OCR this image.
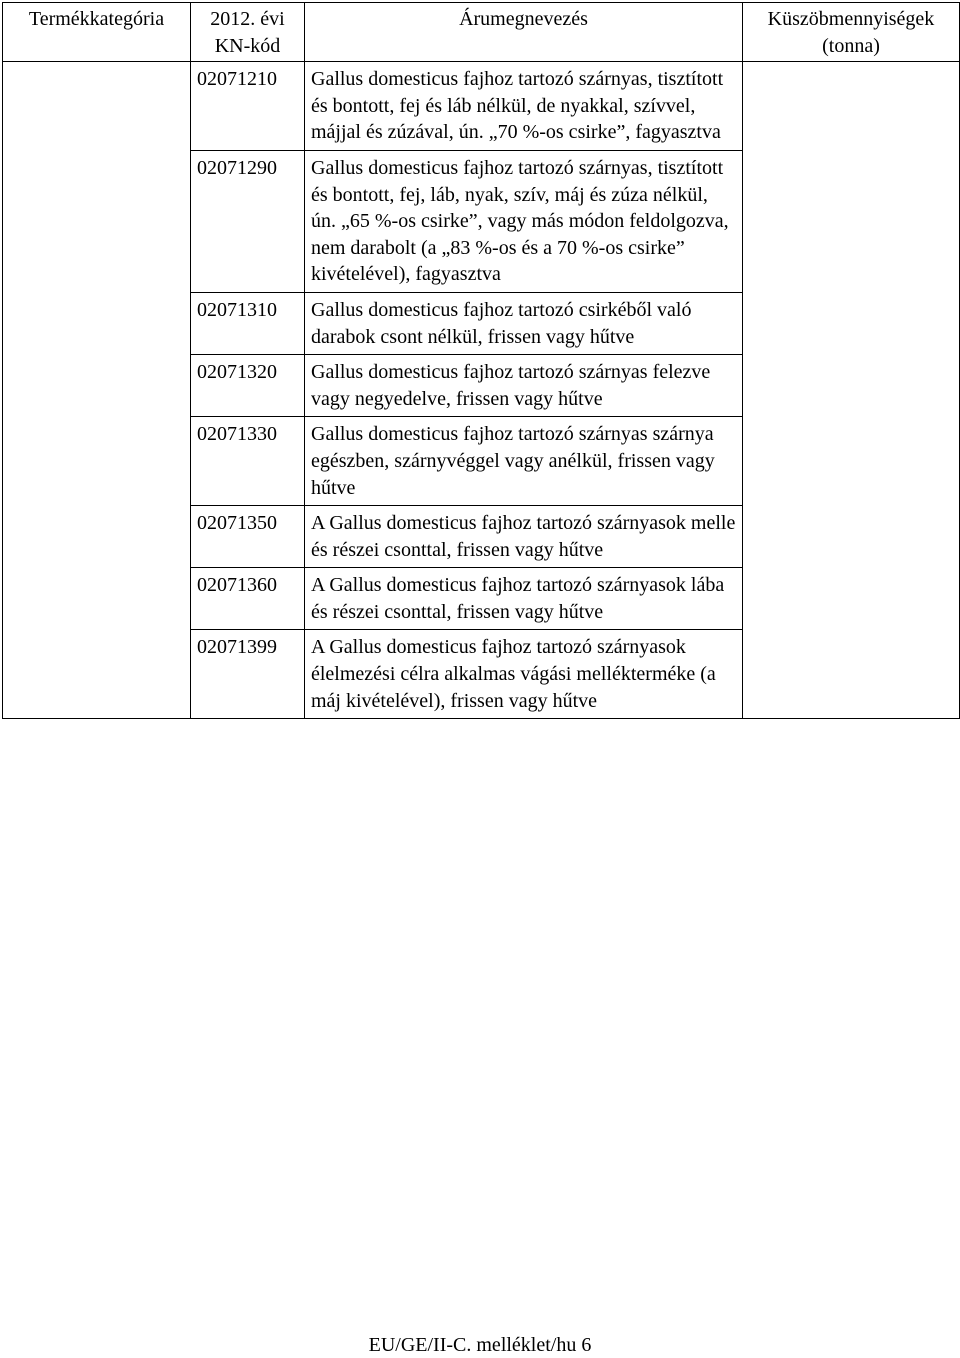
Termékkategória	2012. évi KN-kód	Árumegnevezés	Küszöbmennyiségek (tonna)
	02071210	Gallus domesticus fajhoz tartozó szárnyas, tisztított és bontott, fej és láb nélkül, de nyakkal, szívvel, májjal és zúzával, ún. „70 %-os csirke”, fagyasztva	
	02071290	Gallus domesticus fajhoz tartozó szárnyas, tisztított és bontott, fej, láb, nyak, szív, máj és zúza nélkül, ún. „65 %-os csirke”, vagy más módon feldolgozva, nem darabolt (a „83 %-os és a 70 %-os csirke” kivételével), fagyasztva	
	02071310	Gallus domesticus fajhoz tartozó csirkéből való darabok csont nélkül, frissen vagy hűtve	
	02071320	Gallus domesticus fajhoz tartozó szárnyas felezve vagy negyedelve, frissen vagy hűtve	
	02071330	Gallus domesticus fajhoz tartozó szárnyas szárnya egészben, szárnyvéggel vagy anélkül, frissen vagy hűtve	
	02071350	A Gallus domesticus fajhoz tartozó szárnyasok melle és részei csonttal, frissen vagy hűtve	
	02071360	A Gallus domesticus fajhoz tartozó szárnyasok lába és részei csonttal, frissen vagy hűtve	
	02071399	A Gallus domesticus fajhoz tartozó szárnyasok élelmezési célra alkalmas vágási mellékterméke (a máj kivételével), frissen vagy hűtve	
EU/GE/II-C. melléklet/hu 6
